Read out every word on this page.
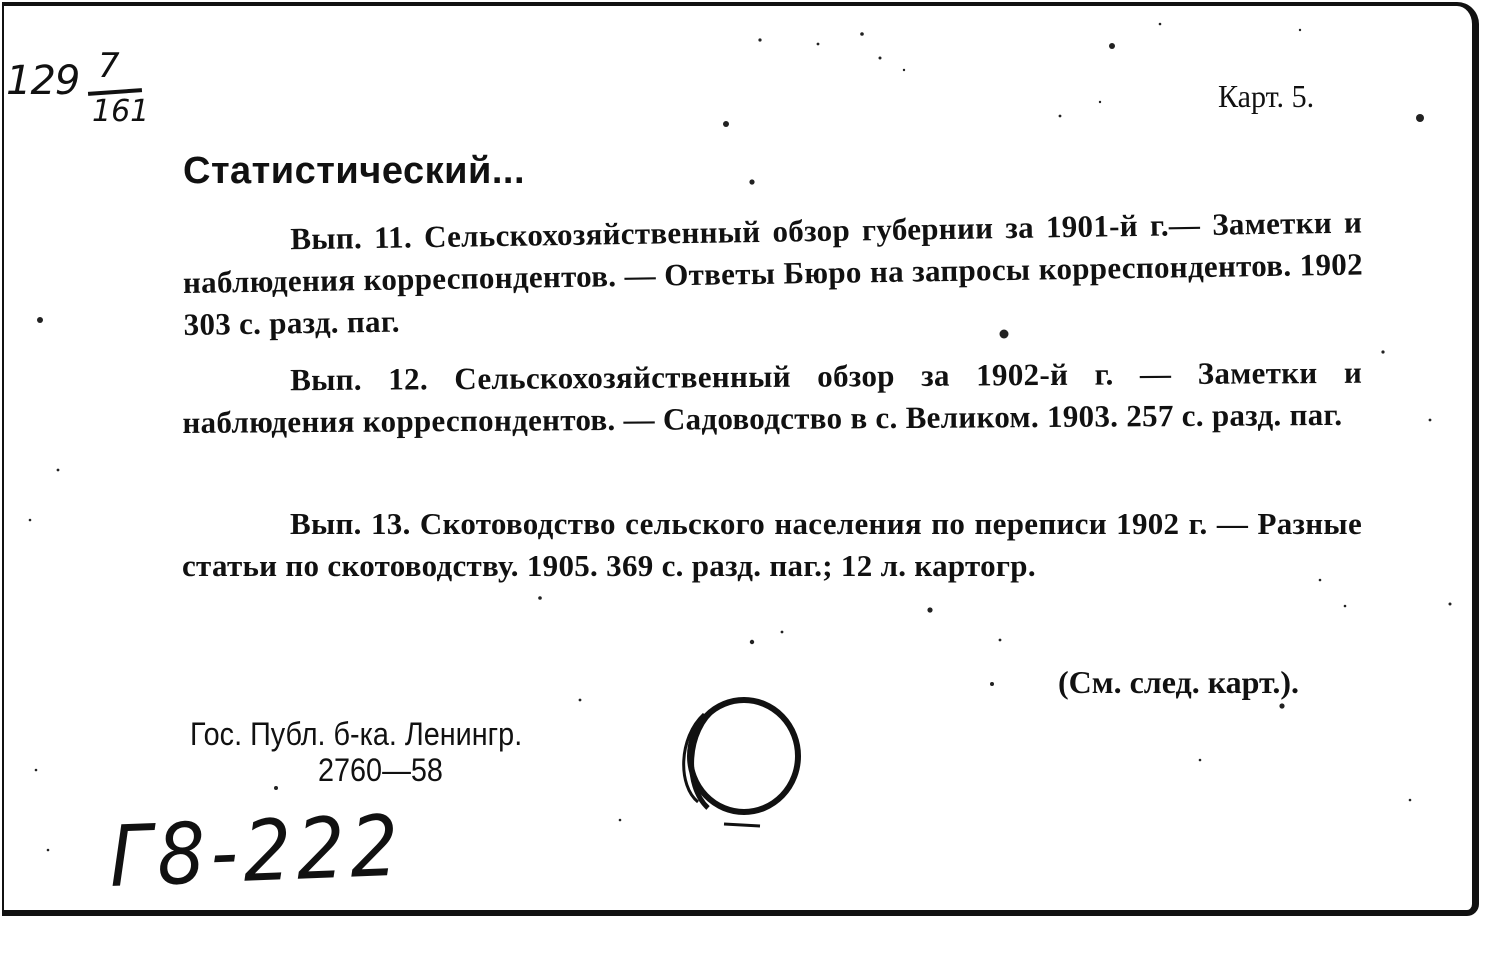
129 7
161	Карт. 5.

Статистический...

Вып. 11. Сельскохозяйственный обзор губернии за 1901-й г.— Заметки и наблюдения корреспондентов. — Ответы Бюро на запросы корреспондентов. 1902 303 с. разд. паг.

Вып. 12. Сельскохозяйственный обзор за 1902-й г. — Заметки и наблюдения корреспондентов. — Садоводство в с. Великом. 1903. 257 с. разд. паг.

Вып. 13. Скотоводство сельского населения по переписи 1902 г. — Разные статьи по скотоводству. 1905. 369 с. разд. паг.; 12 л. картогр.

(См. след. карт.).

Гос. Публ. б-ка. Ленингр.

2760—58

Г8-222
